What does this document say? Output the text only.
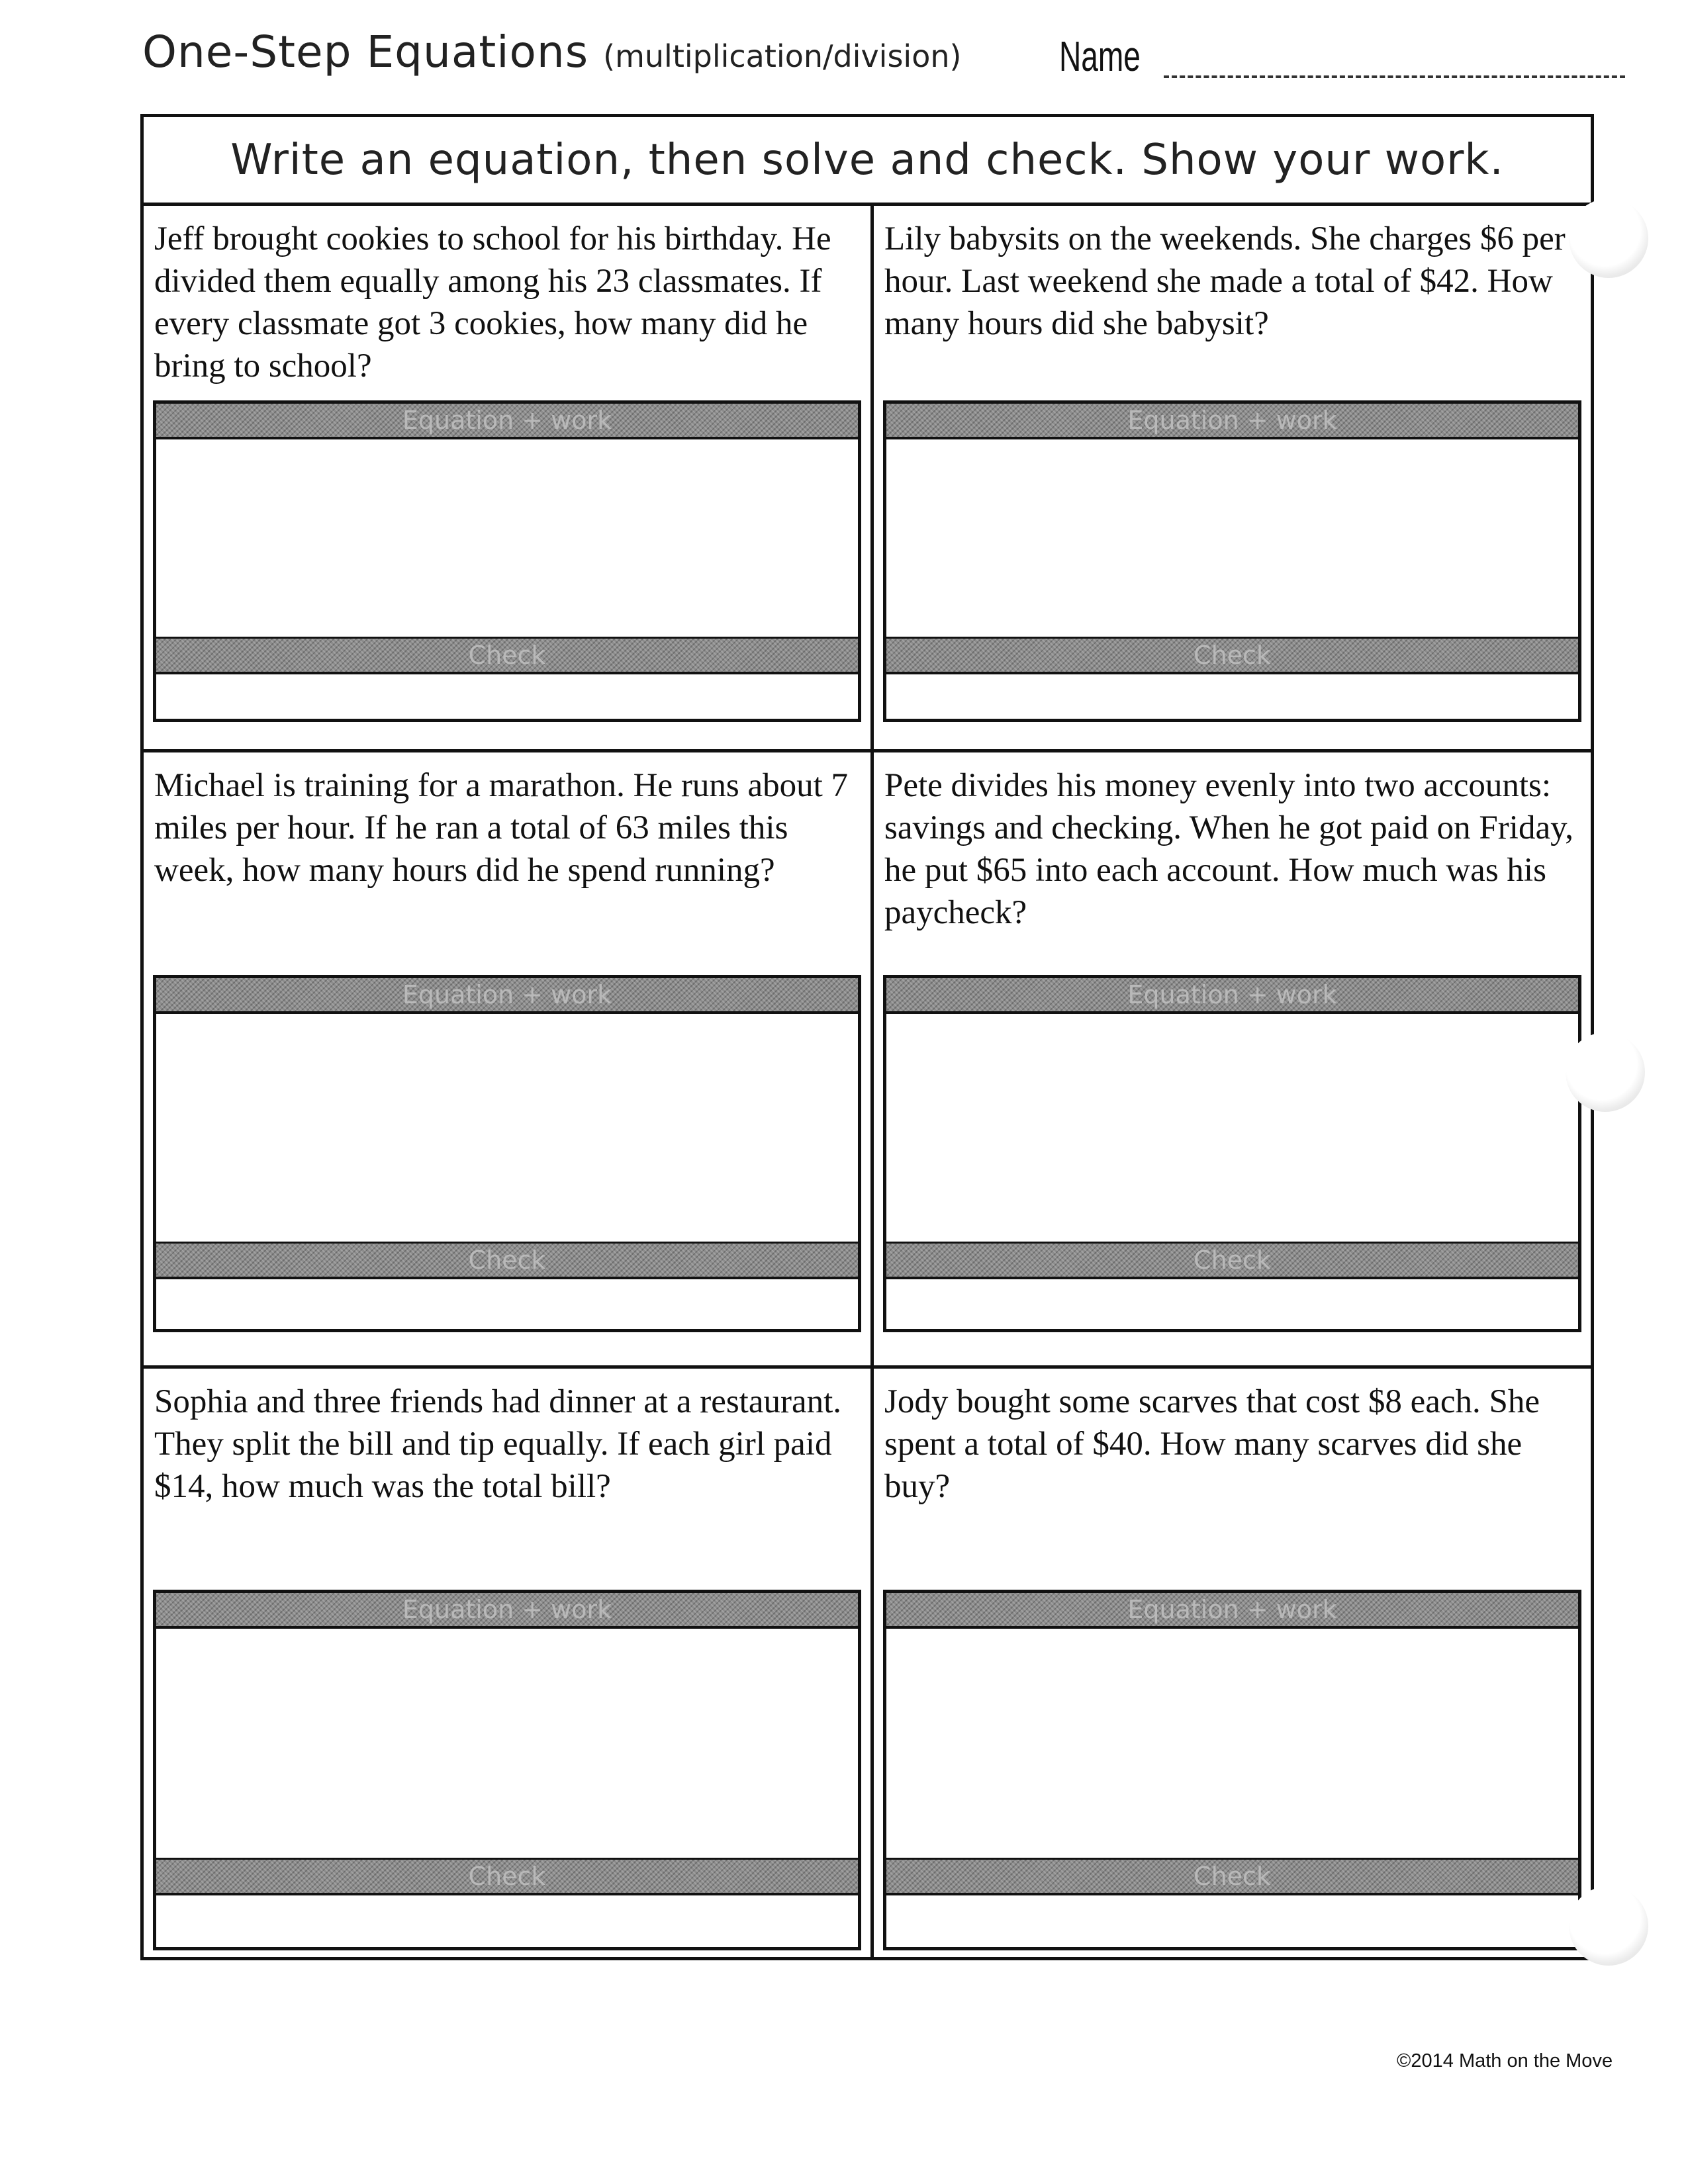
One-Step Equations (multiplication/division) Name
Write an equation, then solve and check. Show your work.
Jeff brought cookies to school for his birthday. He divided them equally among his 23 classmates. If every classmate got 3 cookies, how many did he bring to school?
Equation + work
Check
Lily babysits on the weekends. She charges $6 per hour. Last weekend she made a total of $42. How many hours did she babysit?
Equation + work
Check
Michael is training for a marathon. He runs about 7 miles per hour. If he ran a total of 63 miles this week, how many hours did he spend running?
Equation + work
Check
Pete divides his money evenly into two accounts: savings and checking. When he got paid on Friday, he put $65 into each account. How much was his paycheck?
Equation + work
Check
Sophia and three friends had dinner at a restaurant. They split the bill and tip equally. If each girl paid $14, how much was the total bill?
Equation + work
Check
Jody bought some scarves that cost $8 each. She spent a total of $40. How many scarves did she buy?
Equation + work
Check
©2014 Math on the Move
